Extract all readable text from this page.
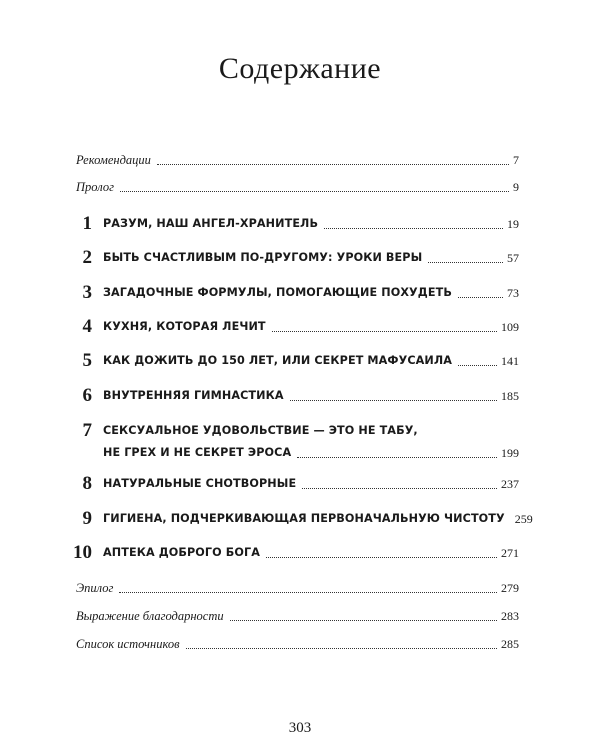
Содержание
Рекомендации	7
Пролог	9
1 РАЗУМ, НАШ АНГЕЛ-ХРАНИТЕЛЬ	19
2 БЫТЬ СЧАСТЛИВЫМ ПО-ДРУГОМУ: УРОКИ ВЕРЫ	57
3 ЗАГАДОЧНЫЕ ФОРМУЛЫ, ПОМОГАЮЩИЕ ПОХУДЕТЬ	73
4 КУХНЯ, КОТОРАЯ ЛЕЧИТ	109
5 КАК ДОЖИТЬ ДО 150 ЛЕТ, ИЛИ СЕКРЕТ МАФУСАИЛА	141
6 ВНУТРЕННЯЯ ГИМНАСТИКА	185
7 СЕКСУАЛЬНОЕ УДОВОЛЬСТВИЕ — ЭТО НЕ ТАБУ,
НЕ ГРЕХ И НЕ СЕКРЕТ ЭРОСА	199
8 НАТУРАЛЬНЫЕ СНОТВОРНЫЕ	237
9 ГИГИЕНА, ПОДЧЕРКИВАЮЩАЯ ПЕРВОНАЧАЛЬНУЮ ЧИСТОТУ 259
10 АПТЕКА ДОБРОГО БОГА	271
Эпилог	279
Выражение благодарности	283
Список источников	285
303
